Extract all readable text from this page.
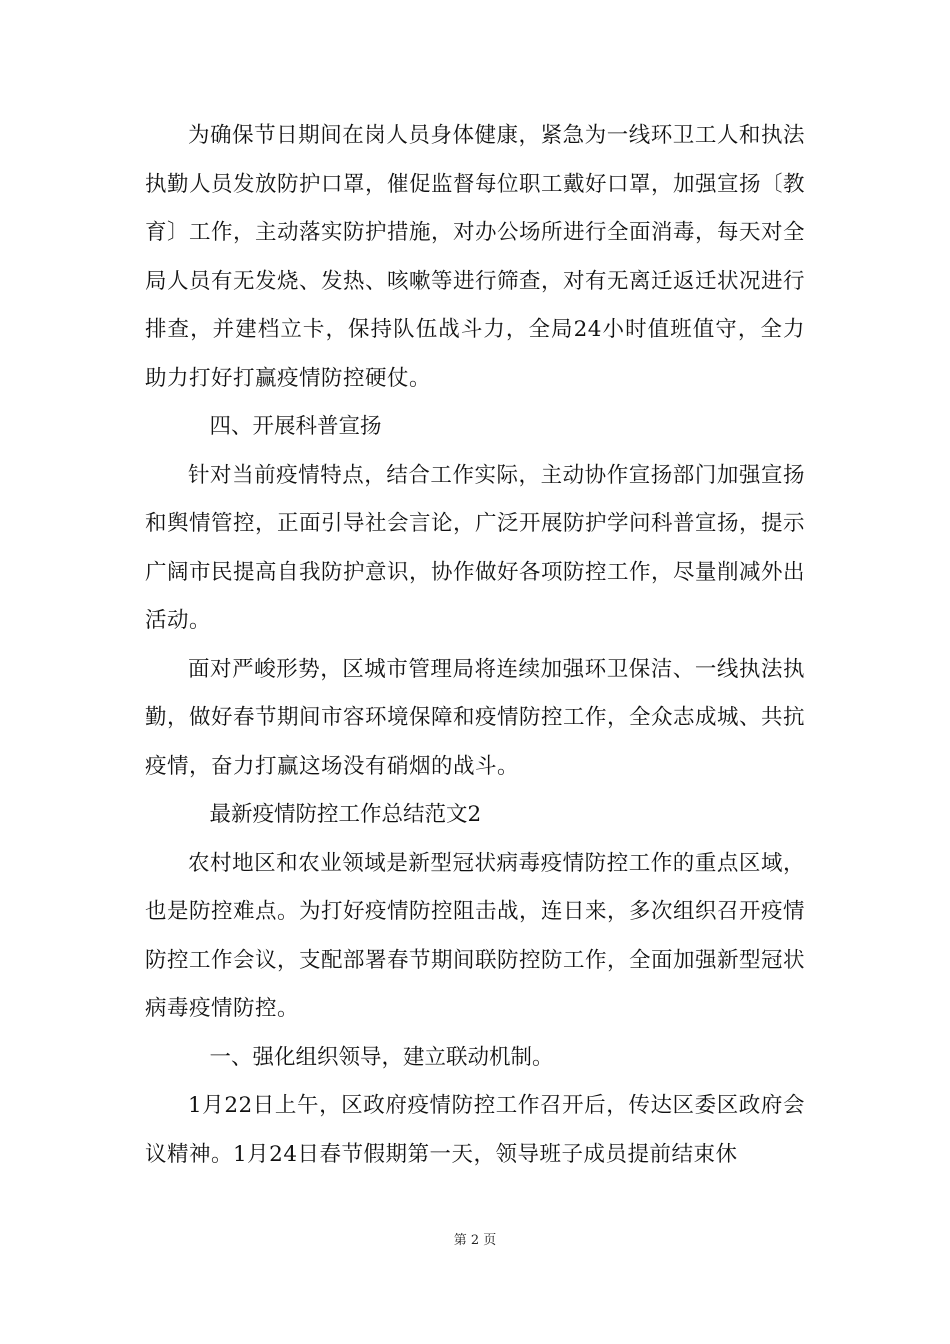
为确保节日期间在岗人员身体健康，紧急为一线环卫工人和执法执勤人员发放防护口罩，催促监督每位职工戴好口罩，加强宣扬〔教育〕工作，主动落实防护措施，对办公场所进行全面消毒，每天对全局人员有无发烧、发热、咳嗽等进行筛查，对有无离迁返迁状况进行排查，并建档立卡，保持队伍战斗力，全局24小时值班值守，全力助力打好打赢疫情防控硬仗。

四、开展科普宣扬

针对当前疫情特点，结合工作实际，主动协作宣扬部门加强宣扬和舆情管控，正面引导社会言论，广泛开展防护学问科普宣扬，提示广阔市民提高自我防护意识，协作做好各项防控工作，尽量削减外出活动。

面对严峻形势，区城市管理局将连续加强环卫保洁、一线执法执勤，做好春节期间市容环境保障和疫情防控工作，全众志成城、共抗疫情，奋力打赢这场没有硝烟的战斗。

最新疫情防控工作总结范文2

农村地区和农业领域是新型冠状病毒疫情防控工作的重点区域，也是防控难点。为打好疫情防控阻击战，连日来，多次组织召开疫情防控工作会议，支配部署春节期间联防控防工作，全面加强新型冠状病毒疫情防控。

一、强化组织领导，建立联动机制。

1月22日上午，区政府疫情防控工作召开后，传达区委区政府会议精神。1月24日春节假期第一天，领导班子成员提前结束休

第 2 页
